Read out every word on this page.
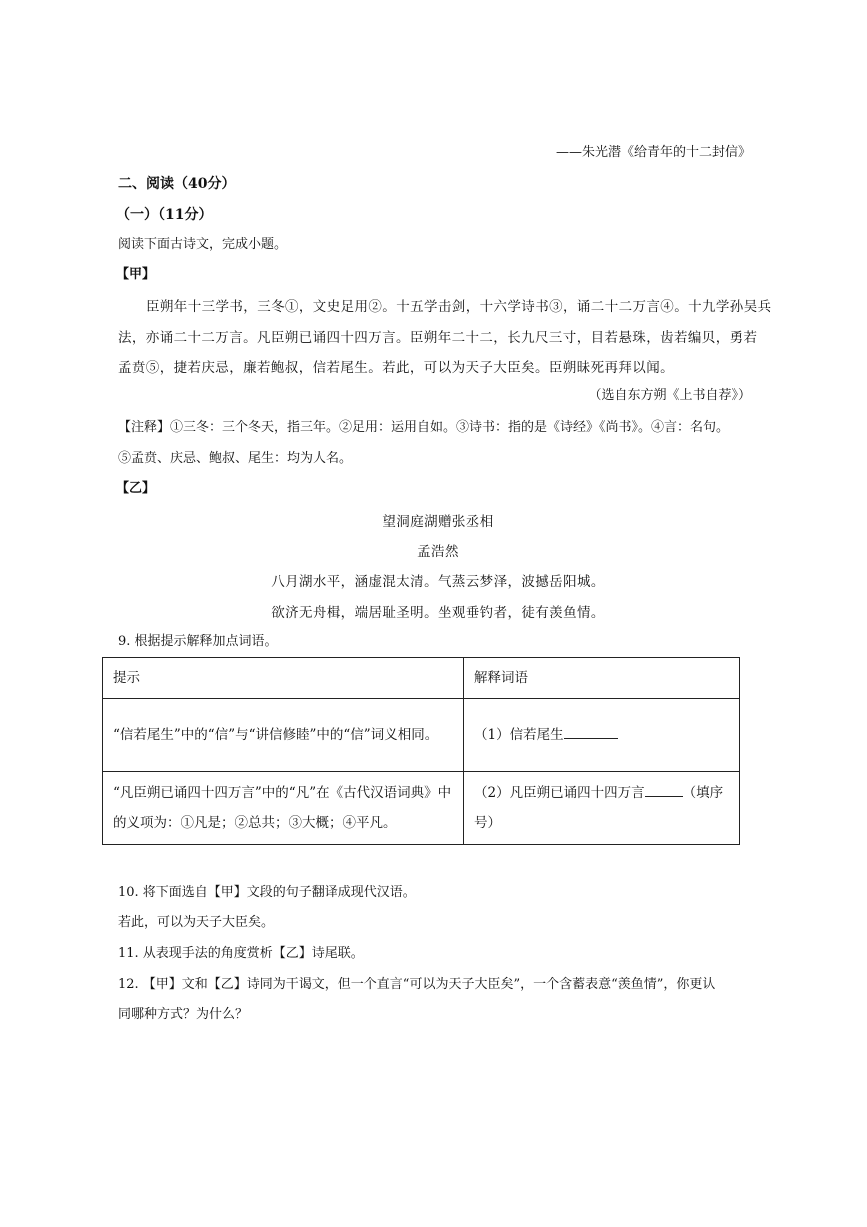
——朱光潜《给青年的十二封信》
二、阅读（40分）
（一）（11分）
阅读下面古诗文，完成小题。
【甲】
臣朔年十三学书，三冬①，文史足用②。十五学击剑，十六学诗书③，诵二十二万言④。十九学孙吴兵
法，亦诵二十二万言。凡臣朔已诵四十四万言。臣朔年二十二，长九尺三寸，目若悬珠，齿若编贝，勇若
孟贲⑤，捷若庆忌，廉若鲍叔，信若尾生。若此，可以为天子大臣矣。臣朔昧死再拜以闻。
（选自东方朔《上书自荐》）
【注释】①三冬：三个冬天，指三年。②足用：运用自如。③诗书：指的是《诗经》《尚书》。④言：名句。
⑤孟贲、庆忌、鲍叔、尾生：均为人名。
【乙】
望洞庭湖赠张丞相
孟浩然
八月湖水平，涵虚混太清。气蒸云梦泽，波撼岳阳城。
欲济无舟楫，端居耻圣明。坐观垂钓者，徒有羡鱼情。
9. 根据提示解释加点词语。
提示	解释词语
“信若尾生”中的“信”与“讲信修睦”中的“信”词义相同。	（1）信若尾生
“凡臣朔已诵四十四万言”中的“凡”在《古代汉语词典》中的义项为：①凡是；②总共；③大概；④平凡。	（2）凡臣朔已诵四十四万言 （填序号）
10. 将下面选自【甲】文段的句子翻译成现代汉语。
若此，可以为天子大臣矣。
11. 从表现手法的角度赏析【乙】诗尾联。
12. 【甲】文和【乙】诗同为干谒文，但一个直言“可以为天子大臣矣”，一个含蓄表意“羡鱼情”，你更认
同哪种方式？为什么？
